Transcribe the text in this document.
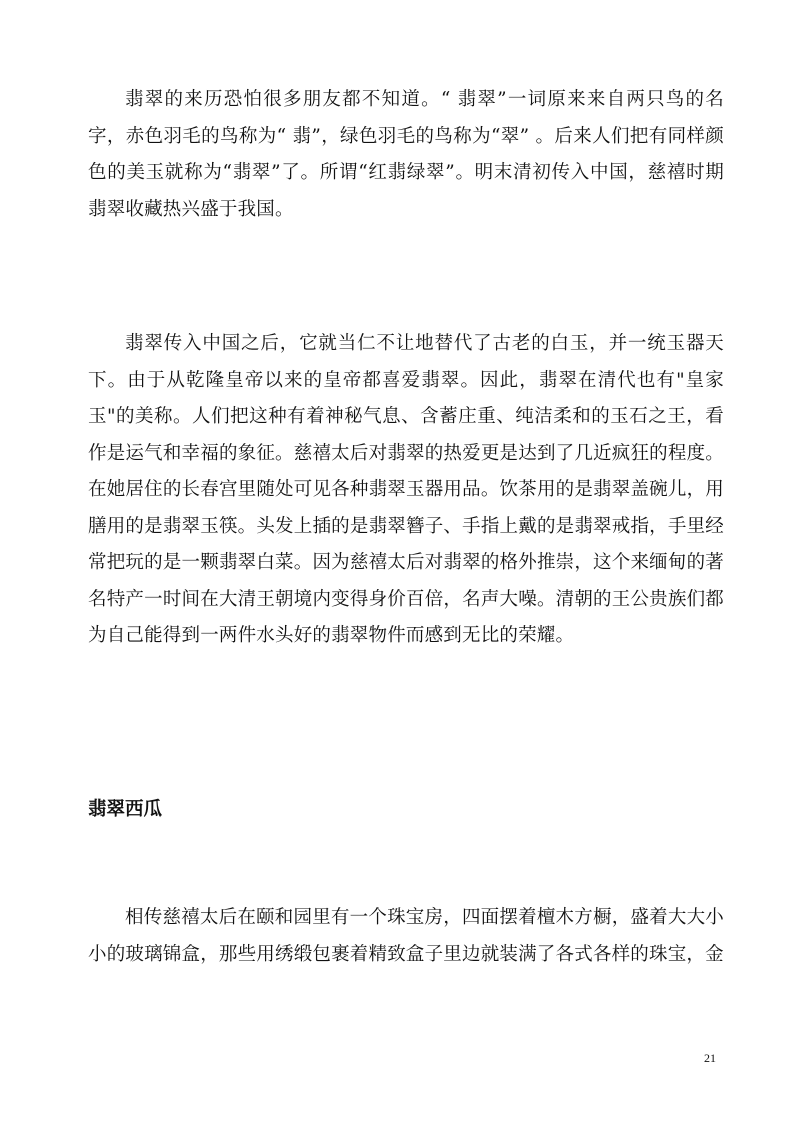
翡翠的来历恐怕很多朋友都不知道。“ 翡翠”一词原来来自两只鸟的名字，赤色羽毛的鸟称为“ 翡”，绿色羽毛的鸟称为“翠” 。后来人们把有同样颜色的美玉就称为“翡翠”了。所谓“红翡绿翠”。明末清初传入中国，慈禧时期翡翠收藏热兴盛于我国。

翡翠传入中国之后，它就当仁不让地替代了古老的白玉，并一统玉器天下。由于从乾隆皇帝以来的皇帝都喜爱翡翠。因此，翡翠在清代也有"皇家玉"的美称。人们把这种有着神秘气息、含蓄庄重、纯洁柔和的玉石之王，看作是运气和幸福的象征。慈禧太后对翡翠的热爱更是达到了几近疯狂的程度。在她居住的长春宫里随处可见各种翡翠玉器用品。饮茶用的是翡翠盖碗儿，用膳用的是翡翠玉筷。头发上插的是翡翠簪子、手指上戴的是翡翠戒指，手里经常把玩的是一颗翡翠白菜。因为慈禧太后对翡翠的格外推崇，这个来缅甸的著名特产一时间在大清王朝境内变得身价百倍，名声大噪。清朝的王公贵族们都为自己能得到一两件水头好的翡翠物件而感到无比的荣耀。

翡翠西瓜

相传慈禧太后在颐和园里有一个珠宝房，四面摆着檀木方橱，盛着大大小小的玻璃锦盒，那些用绣缎包裹着精致盒子里边就装满了各式各样的珠宝，金

21
